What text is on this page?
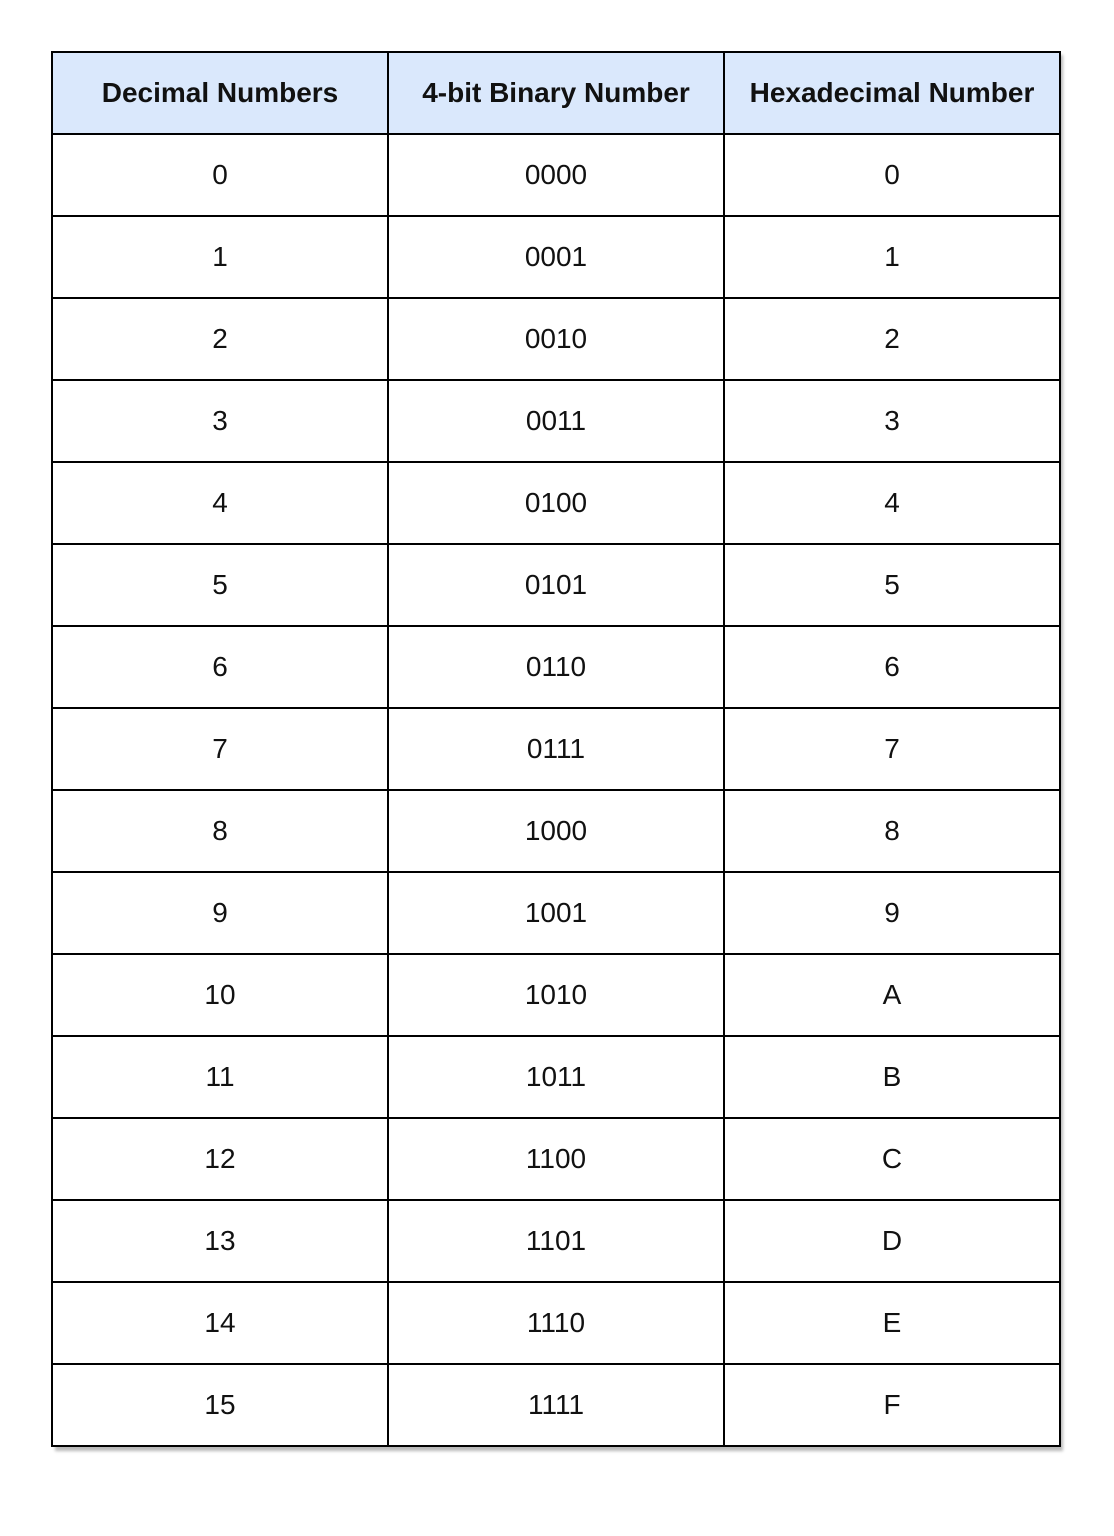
Decimal Numbers	4-bit Binary Number	Hexadecimal Number
0	0000	0
1	0001	1
2	0010	2
3	0011	3
4	0100	4
5	0101	5
6	0110	6
7	0111	7
8	1000	8
9	1001	9
10	1010	A
11	1011	B
12	1100	C
13	1101	D
14	1110	E
15	1111	F
